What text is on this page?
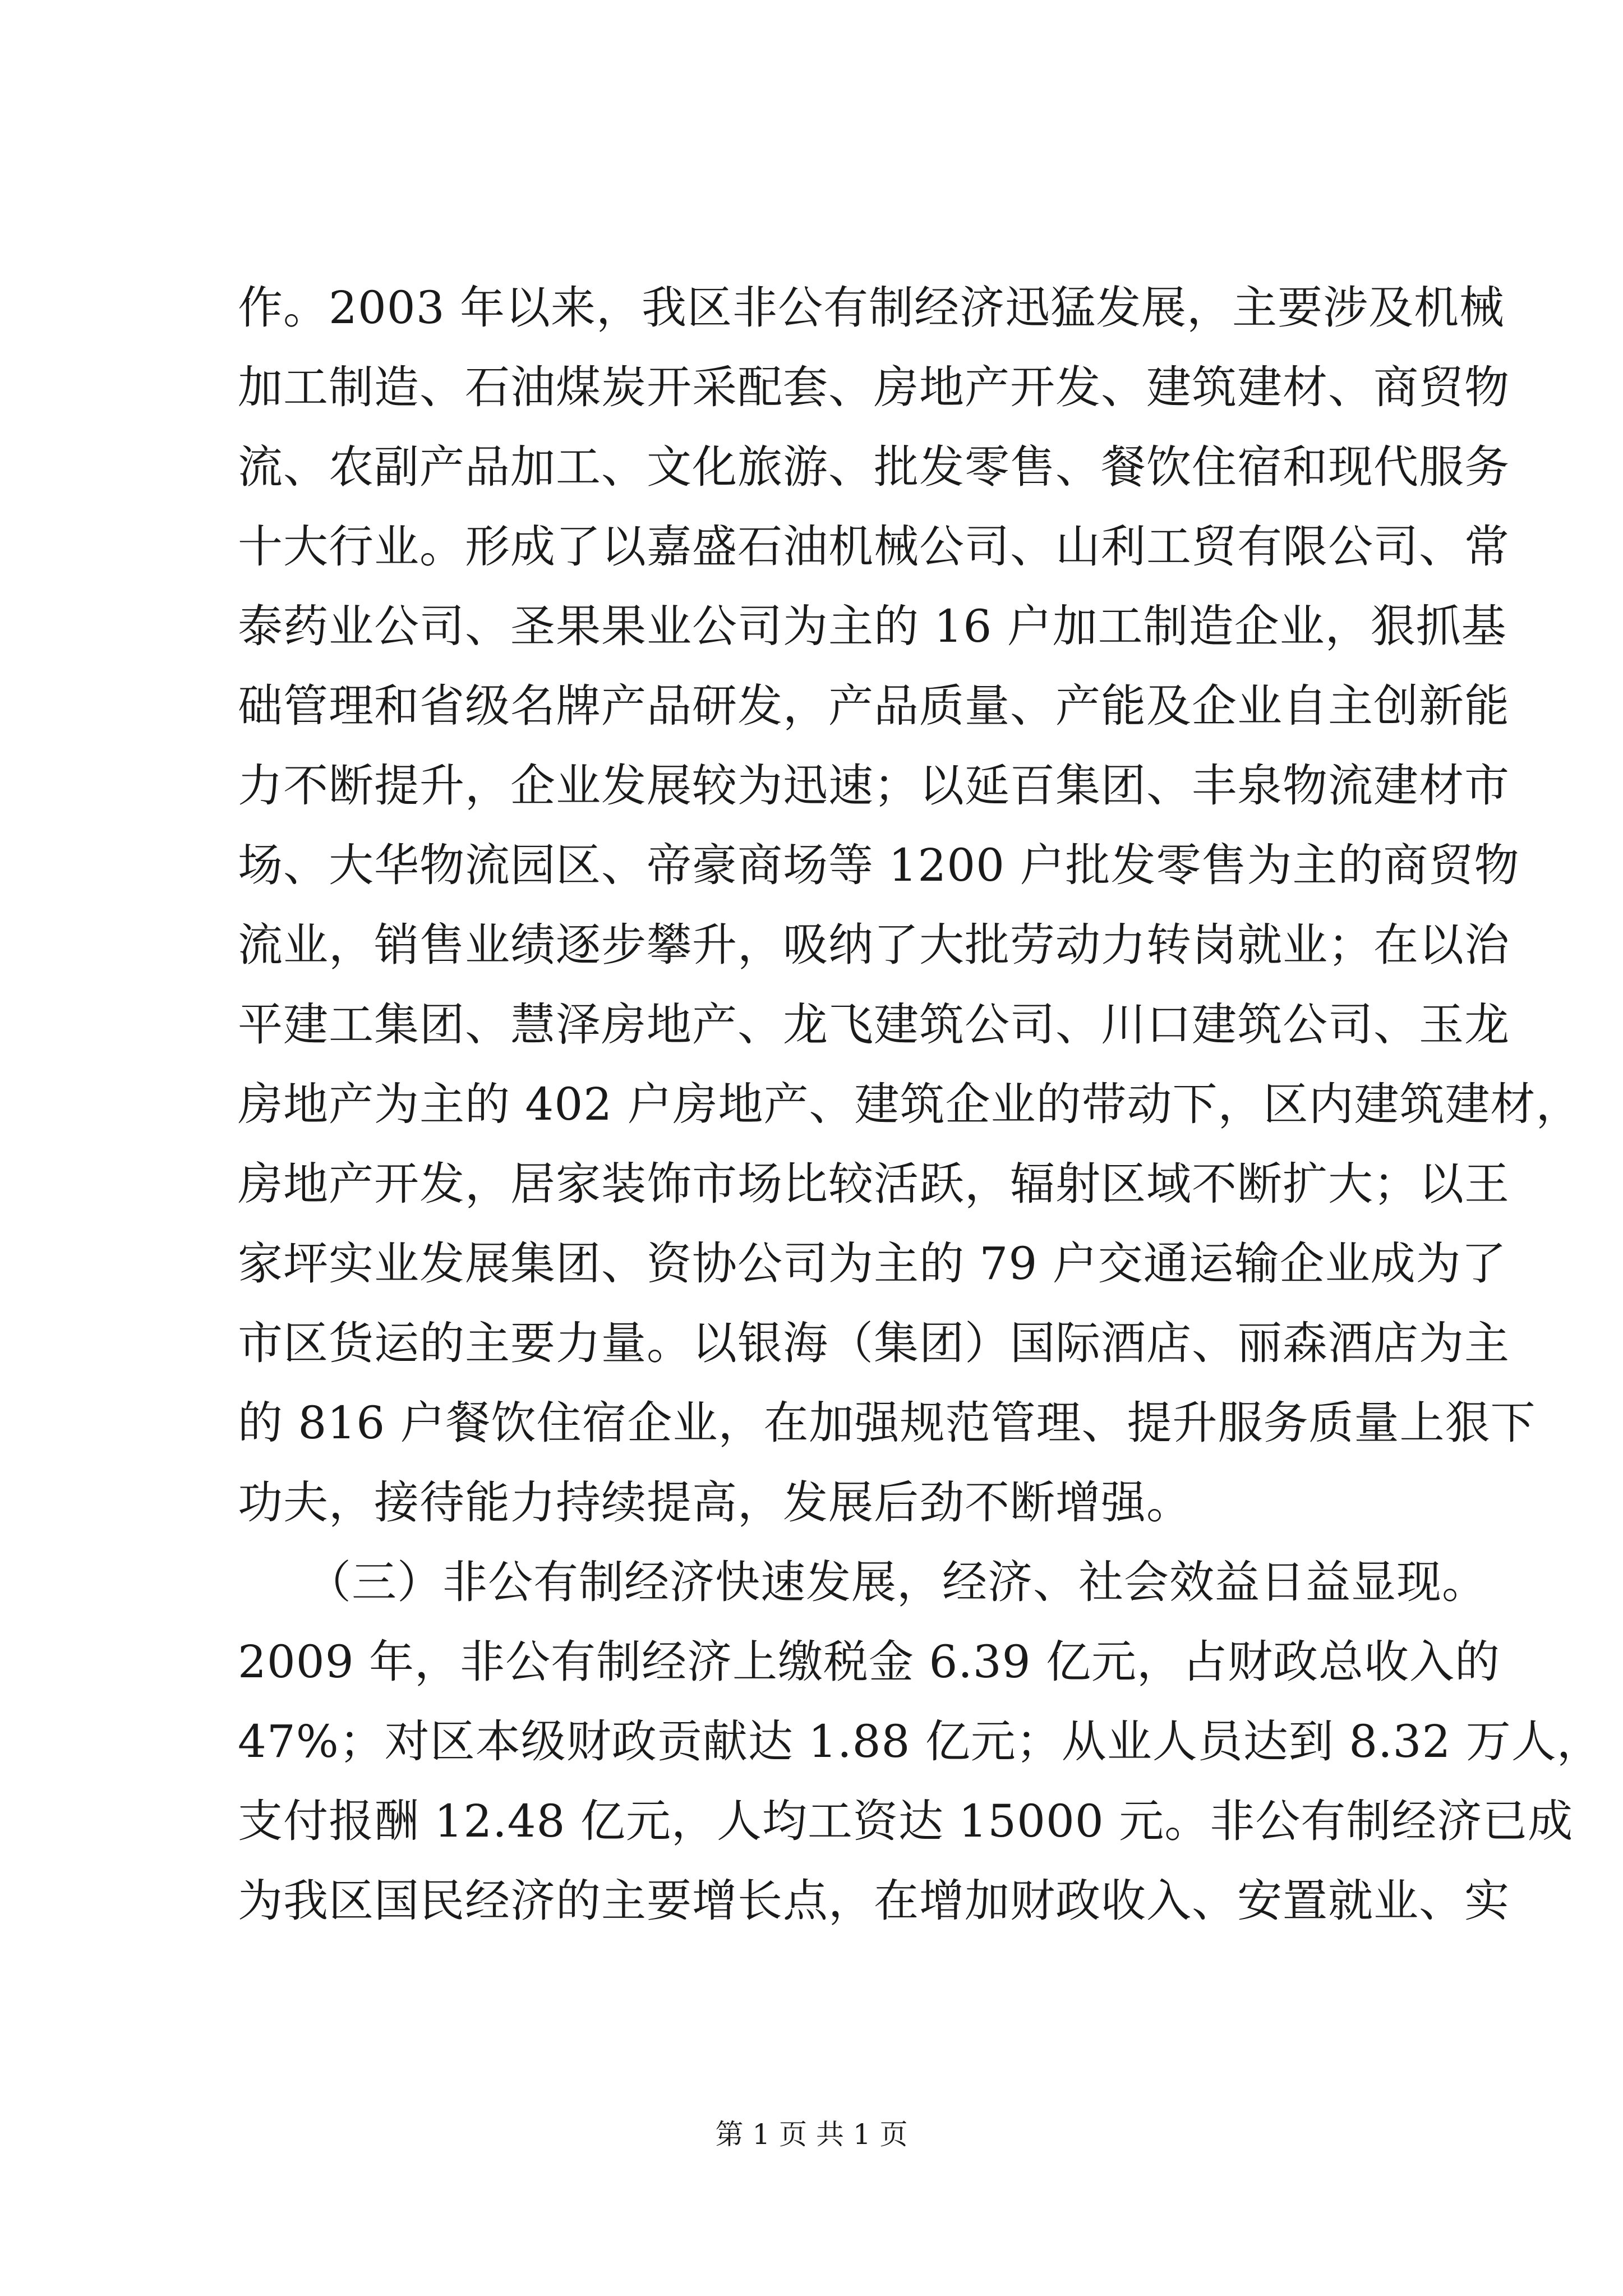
作。2003 年以来，我区非公有制经济迅猛发展，主要涉及机械
加工制造、石油煤炭开采配套、房地产开发、建筑建材、商贸物
流、农副产品加工、文化旅游、批发零售、餐饮住宿和现代服务
十大行业。形成了以嘉盛石油机械公司、山利工贸有限公司、常
泰药业公司、圣果果业公司为主的 16 户加工制造企业，狠抓基
础管理和省级名牌产品研发，产品质量、产能及企业自主创新能
力不断提升，企业发展较为迅速；以延百集团、丰泉物流建材市
场、大华物流园区、帝豪商场等 1200 户批发零售为主的商贸物
流业，销售业绩逐步攀升，吸纳了大批劳动力转岗就业；在以治
平建工集团、慧泽房地产、龙飞建筑公司、川口建筑公司、玉龙
房地产为主的 402 户房地产、建筑企业的带动下，区内建筑建材，
房地产开发，居家装饰市场比较活跃，辐射区域不断扩大；以王
家坪实业发展集团、资协公司为主的 79 户交通运输企业成为了
市区货运的主要力量。以银海（集团）国际酒店、丽森酒店为主
的 816 户餐饮住宿企业，在加强规范管理、提升服务质量上狠下
功夫，接待能力持续提高，发展后劲不断增强。
　　（三）非公有制经济快速发展，经济、社会效益日益显现。
2009 年，非公有制经济上缴税金 6.39 亿元，占财政总收入的
47%；对区本级财政贡献达 1.88 亿元；从业人员达到 8.32 万人，
支付报酬 12.48 亿元，人均工资达 15000 元。非公有制经济已成
为我区国民经济的主要增长点，在增加财政收入、安置就业、实
第 1 页 共 1 页
